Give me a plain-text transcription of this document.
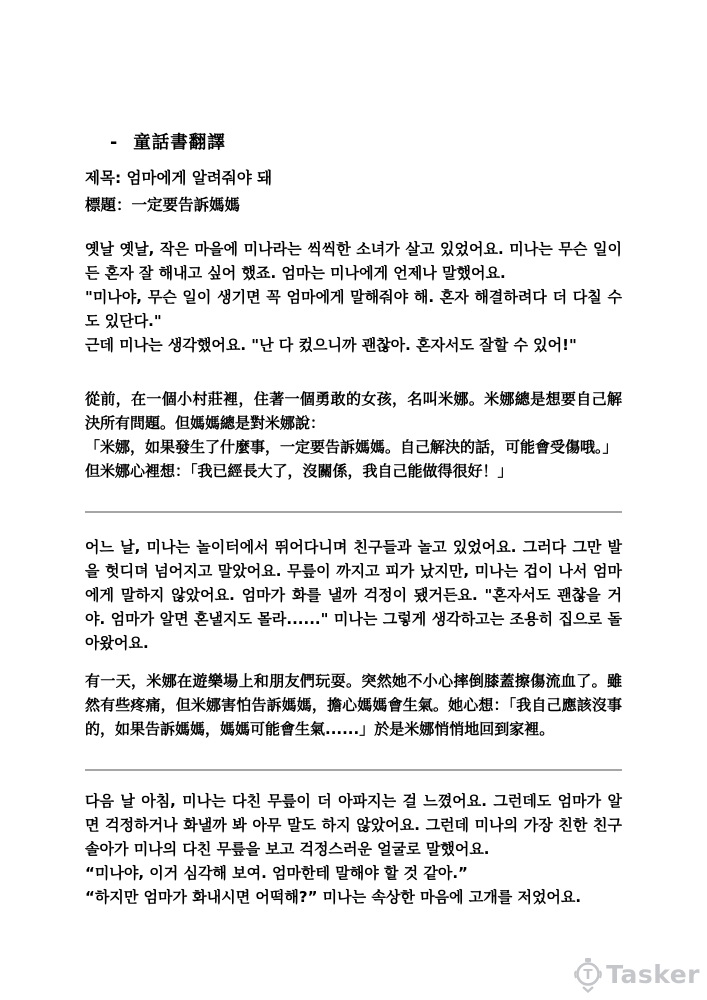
- 童話書翻譯

제목: 엄마에게 알려줘야 돼

標題：一定要告訴媽媽

옛날 옛날, 작은 마을에 미나라는 씩씩한 소녀가 살고 있었어요. 미나는 무슨 일이든 혼자 잘 해내고 싶어 했죠. 엄마는 미나에게 언제나 말했어요.

"미나야, 무슨 일이 생기면 꼭 엄마에게 말해줘야 해. 혼자 해결하려다 더 다칠 수도 있단다."

근데 미나는 생각했어요. "난 다 컸으니까 괜찮아. 혼자서도 잘할 수 있어!"

從前，在一個小村莊裡，住著一個勇敢的女孩，名叫米娜。米娜總是想要自己解決所有問題。但媽媽總是對米娜說：

「米娜，如果發生了什麼事，一定要告訴媽媽。自己解決的話，可能會受傷哦。」

但米娜心裡想：「我已經長大了，沒關係，我自己能做得很好！」

어느 날, 미나는 놀이터에서 뛰어다니며 친구들과 놀고 있었어요. 그러다 그만 발을 헛디뎌 넘어지고 말았어요. 무릎이 까지고 피가 났지만, 미나는 겁이 나서 엄마에게 말하지 않았어요. 엄마가 화를 낼까 걱정이 됐거든요. "혼자서도 괜찮을 거야. 엄마가 알면 혼낼지도 몰라......" 미나는 그렇게 생각하고는 조용히 집으로 돌아왔어요.

有一天，米娜在遊樂場上和朋友們玩耍。突然她不小心摔倒膝蓋擦傷流血了。雖然有些疼痛，但米娜害怕告訴媽媽，擔心媽媽會生氣。她心想：「我自己應該沒事的，如果告訴媽媽，媽媽可能會生氣......」於是米娜悄悄地回到家裡。

다음 날 아침, 미나는 다친 무릎이 더 아파지는 걸 느꼈어요. 그런데도 엄마가 알면 걱정하거나 화낼까 봐 아무 말도 하지 않았어요. 그런데 미나의 가장 친한 친구 솔아가 미나의 다친 무릎을 보고 걱정스러운 얼굴로 말했어요.

“미나야, 이거 심각해 보여. 엄마한테 말해야 할 것 같아.”

“하지만 엄마가 화내시면 어떡해?” 미나는 속상한 마음에 고개를 저었어요.

T Tasker
